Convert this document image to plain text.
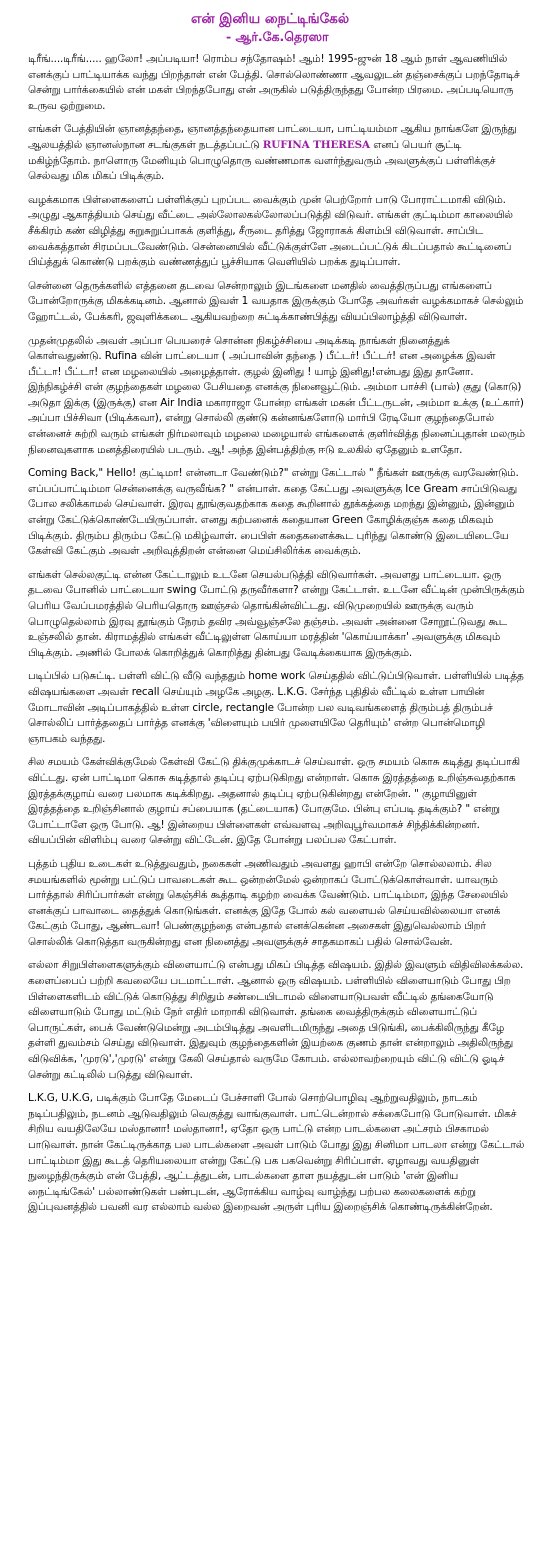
என் இனிய நைட்டிங்கேல்
- ஆர்.கே.தெரஸா

டிரீங்....டிரீங்..... ஹலோ! அப்படியா! ரொம்ப சந்தோஷம்! ஆம்! 1995-ஜுன் 18 ஆம் நாள் ஆவணியில் எனக்குப் பாட்டியாக்க வந்து பிறந்தாள் என் பேத்தி. சொல்லொண்ணா ஆவலுடன் தஞ்சைக்குப் பறந்தோடிச் சென்று பார்க்கையில் என் மகள் பிறந்தபோது என் அருகில் படுத்திருந்தது போன்ற பிரமை. அப்படியொரு உருவ ஒற்றுமை.

எங்கள் பேத்தியின் ஞானத்தந்தை, ஞானத்தந்தையான பாட்டையா, பாட்டியம்மா ஆகிய நாங்களே இருந்து ஆலயத்தில் ஞானஸ்நான சடங்குகள் நடத்தப்பட்டு RUFINA THERESA எனப் பெயர் சூட்டி மகிழ்ந்தோம். நாளொரு மேனியும் பொழுதொரு வண்ணமாக வளர்ந்துவரும் அவளுக்குப் பள்ளிக்குச் செல்வது மிக மிகப் பிடிக்கும்.

வழக்கமாக பிள்ளைகளைப் பள்ளிக்குப் புறப்பட வைக்கும் முன் பெற்றோர் பாடு போராட்டமாகி விடும். அழுது ஆகாத்தியம் செய்து வீட்டை அல்லோலகல்லோலப்படுத்தி விடுவர். எங்கள் குட்டிம்மா காலையில் சீக்கிரம் கண் விழித்து சுறுசுறுப்பாகக் குளித்து, சீருடை தரித்து ஜோராகக் கிளம்பி விடுவாள். சாப்பிட வைக்கத்தான் சிரமப்படவேண்டும். சென்னையில் வீட்டுக்குள்ளே அடைப்பட்டுக் கிடப்பதால் கூட்டினைப் பிய்த்துக் கொண்டு பறக்கும் வண்ணத்துப் பூச்சியாக வெளியில் பறக்க துடிப்பாள்.

சென்னை தெருக்களில் எத்தனை தடவை சென்றாலும் இடங்களை மனதில் வைத்திருப்பது எங்களைப் போன்றோருக்கு மிகக்கடினம். ஆனால் இவள் 1 வயதாக இருக்கும் போதே அவர்கள் வழக்கமாகச் செல்லும் ஹோட்டல், பேக்கரி, ஜவுளிக்கடை ஆகியவற்றை சுட்டிக்காண்பித்து வியப்பிலாழ்த்தி விடுவாள்.

முதன்முதலில் அவள் அப்பா பெயரைச் சொன்ன நிகழ்ச்சியை அடிக்கடி நாங்கள் நினைத்துக் கொள்வதுண்டு. Rufina வின் பாட்டையா ( அப்பாவின் தந்தை ) பீட்டர்! பீட்டர்! என அழைக்க இவள் பீட்டா! பீட்டா! என மழலையில் அழைத்தாள். குழல் இனிது ! யாழ் இனிது!என்பது இது தானோ. இந்நிகழ்ச்சி என் குழந்தைகள் மழலை பேசியதை எனக்கு நினைவூட்டும். அம்மா பாச்சி (பால்) குது (கொடு) அடுதா இக்கு (இருக்கு) என Air India மகாராஜா போன்ற எங்கள் மகன் பீட்டருடன், அம்மா உக்கு (உட்கார்) அப்பா பிச்சிவா (பிடிக்கவா), என்று சொல்லி குண்டு கன்னங்களோடு மார்பி ரேடியோ குழந்தைபோல் என்னைச் சுற்றி வரும் எங்கள் நிர்மலாவும் மழலை மழையால் எங்களைக் குளிர்வித்த நினைப்புதான் மலரும் நினைவுகளாக மனத்திரையில் படரும். ஆ! அந்த இன்பத்திற்கு ஈடு உலகில் ஏதேனும் உளதோ.

Coming Back," Hello! குட்டிமா! என்னடா வேண்டும்?" என்று கேட்டால் " நீங்கள் ஊருக்கு வரவேண்டும். எப்பப்பாட்டிம்மா சென்னைக்கு வருவீங்க? " என்பாள். கதை கேட்பது அவளுக்கு Ice Gream சாப்பிடுவது போல சலிக்காமல் செய்வாள். இரவு தூங்குவதற்காக கதை கூறினால் தூக்கத்தை மறந்து இன்னும், இன்னும் என்று கேட்டுக்கொண்டேயிருப்பாள். எனது கற்பனைக் கதையான Green கோழிக்குஞ்சு கதை மிகவும் பிடிக்கும். திரும்ப திரும்ப கேட்டு மகிழ்வாள். பைபிள் கதைகளைக்கூட புரிந்து கொண்டு இடையிடையே கேள்வி கேட்கும் அவள் அறிவுத்திறன் என்னை மெய்சிலிர்க்க வைக்கும்.

எங்கள் செல்லகுட்டி என்ன கேட்டாலும் உடனே செயல்படுத்தி விடுவார்கள். அவளது பாட்டையா. ஒரு தடவை போனில் பாட்டையா swing போட்டு தருவீர்களா? என்று கேட்டாள். உடனே வீட்டின் முன்பிருக்கும் பெரிய வேப்பமரத்தில் பெரியதொரு ஊஞ்சல் தொங்கின்விட்டது. விடுமுறையில் ஊருக்கு வரும் பொழுதெல்லாம் இரவு தூங்கும் நேரம் தவிர அவ்வூஞ்சலே தஞ்சம். அவள் அன்னை சோறூட்டுவது கூட உஞ்சலில் தான். கிராமத்தில் எங்கள் வீட்டிலுள்ள கொய்யா மரத்தின் 'கொய்யாக்கா' அவளுக்கு மிகவும் பிடிக்கும். அணில் போலக் கொறித்துக் கொறித்து தின்பது வேடிக்கையாக இருக்கும்.

படிப்பில் படுசுட்டி. பள்ளி விட்டு வீடு வந்ததும் home work செய்ததில் விட்டுப்பிடுவாள். பள்ளியில் படித்த விஷயங்களை அவள் recall செய்யும் அழகே அழகு. L.K.G. சேர்ந்த புதிதில் வீட்டில் உள்ள பாயின் மோடாவின் அடிப்பாகத்தில் உள்ள circle, rectangle போன்ற பல வடிவங்களைத் திரும்பத் திரும்பச் சொல்லிப் பார்த்ததைப் பார்த்த எனக்கு 'விளையும் பயிர் முளையிலே தெரியும்' என்ற பொன்மொழி ஞாபகம் வந்தது.

சில சமயம் கேள்விக்குமேல் கேள்வி கேட்டு திக்குமுக்காடச் செய்வாள். ஒரு சமயம் கொசு கடித்து தடிப்பாகி விட்டது. ஏன் பாட்டிமா கொசு கடித்தால் தடிப்பு ஏற்படுகிறது என்றாள். கொசு இரத்தத்தை உறிஞ்சுவதற்காக இரத்தக்குழாய் வரை பலமாக கடிக்கிறது. அதனால் தடிப்பு ஏற்படுகின்றது என்றேன். " குழாயினுள் இரத்தத்தை உறிஞ்சினால் குழாய் சப்பையாக (தட்டையாக) போகுமே. பின்பு எப்படி தடிக்கும்? " என்று போட்டாளே ஒரு போடு. ஆ! இன்றைய பிள்ளைகள் எவ்வளவு அறிவுபூர்வமாகச் சிந்திக்கின்றனர். வியப்பின் விளிம்பு வரை சென்று விட்டேன். இதே போன்று பலப்பல கேட்பாள்.

புத்தம் புதிய உடைகள் உடுத்துவதும், நகைகள் அணிவதும் அவளது ஹாபி என்றே சொல்லலாம். சில சமயங்களில் மூன்று பட்டுப் பாவடைகள் கூட ஒன்றன்மேல் ஒன்றாகப் போட்டுக்கொள்வாள். யாவரும் பார்த்தால் சிரிப்பார்கள் என்று கெஞ்சிக் கூத்தாடி கழற்ற வைக்க வேண்டும். பாட்டிம்மா, இந்த சேலையில் எனக்குப் பாவாடை தைத்துக் கொடுங்கள். எனக்கு இதே போல் கல் வளையல் செய்யவில்லையா எனக் கேட்கும் போது, ஆண்டவா! பெண்குழந்தை என்பதால் எனக்கென்ன அசைகள் இதுவெல்லாம் பிறர் சொல்லிக் கொடுத்தா வருகின்றது என நினைத்து அவளுக்குச் சாதகமாகப் பதில் சொல்வேன்.

எல்லா சிறுபிள்ளைகளுக்கும் விளையாட்டு என்பது மிகப் பிடித்த விஷயம். இதில் இவளும் விதிவிலக்கல்ல. களைப்பைப் பற்றி கவலையே படமாட்டாள். ஆனால் ஒரு விஷயம். பள்ளியில் விளையாடும் போது பிற பிள்ளைகளிடம் விட்டுக் கொடுத்து சிறிதும் சண்டையிடாமல் விளையாடுபவள் வீட்டில் தங்கையோடு விளையாடும் போது மட்டும் நேர் எதிர் மாறாகி விடுவாள். தங்கை வைத்திருக்கும் விளையாட்டுப் பொருட்கள், பைக் வேண்டுமென்று அடம்பிடித்து அவளிடமிருந்து அதை பிடுங்கி, பைக்கிலிருந்து கீழே தள்ளி துவம்சம் செய்து விடுவாள். இதுவும் குழந்தைகளின் இயற்கை குணம் தான் என்றாலும் அதிலிருந்து விடுவிக்க, 'முரடு','முரடு' என்று கேலி செய்தால் வருமே கோபம். எல்லாவற்றையும் விட்டு விட்டு ஓடிச் சென்று கட்டிலில் படுத்து விடுவாள்.

L.K.G, U.K.G, படிக்கும் போதே மேடைப் பேச்சாளி போல் சொற்பொழிவு ஆற்றுவதிலும், நாடகம் நடிப்பதிலும், நடனம் ஆடுவதிலும் வெகுத்து வாங்குவாள். பாட்டென்றால் சக்கைபோடு போடுவாள். மிகச் சிறிய வயதிலேயே மஸ்தானா! மஸ்தானா!, ஏதோ ஒரு பாட்டு என்ற பாடல்களை அட்சரம் பிசகாமல் பாடுவாள். நான் கேட்டிருக்காத பல பாடல்களை அவள் பாடும் போது இது சினிமா பாடலா என்று கேட்டால் பாட்டிம்மா இது கூடத் தெரியலையா என்று கேட்டு பக பகவென்று சிரிப்பாள். ஏழாவது வயதினுள் நுழைந்திருக்கும் என் பேத்தி, ஆட்டத்துடன், பாடல்களை தாள நயத்துடன் பாடும் 'என் இனிய நைட்டிங்கேல்' பல்லாண்டுகள் பண்புடன், ஆரோக்கிய வாழ்வு வாழ்ந்து பற்பல கலைகளைக் கற்று இப்புவனத்தில் பவனி வர எல்லாம் வல்ல இறைவன் அருள் புரிய இறைஞ்சிக் கொண்டிருக்கின்றேன்.
